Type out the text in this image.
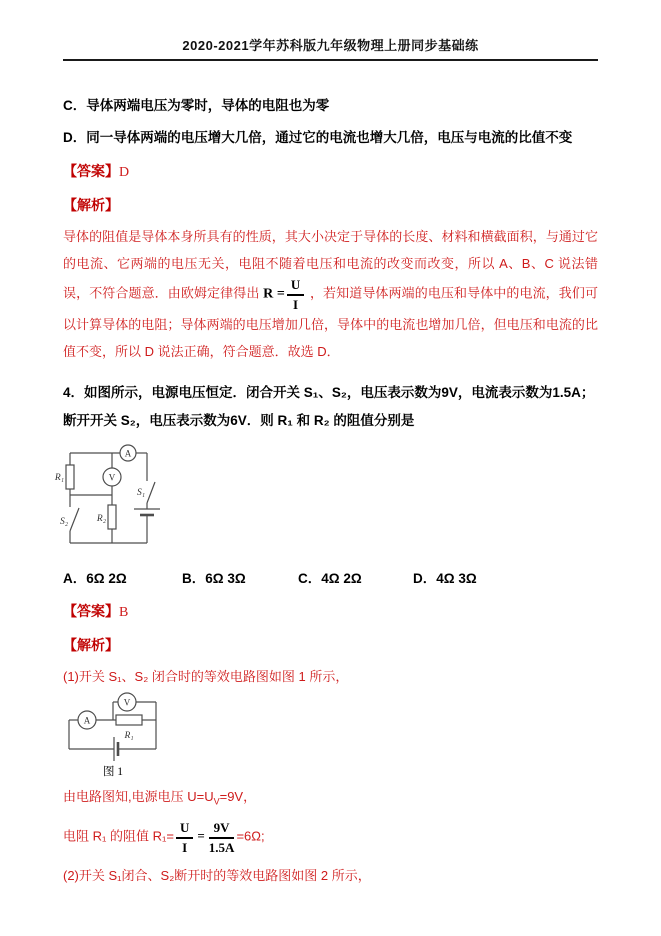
2020-2021学年苏科版九年级物理上册同步基础练
C．导体两端电压为零时，导体的电阻也为零
D．同一导体两端的电压增大几倍，通过它的电流也增大几倍，电压与电流的比值不变
【答案】D
【解析】
导体的阻值是导体本身所具有的性质，其大小决定于导体的长度、材料和横截面积，与通过它的电流、它两端的电压无关，电阻不随着电压和电流的改变而改变，所以 A、B、C 说法错误，不符合题意．由欧姆定律得出 $R = \frac{U}{I}$ ，若知道导体两端的电压和导体中的电流，我们可以计算导体的电阻；导体两端的电压增加几倍，导体中的电流也增加几倍，但电压和电流的比值不变，所以 D 说法正确，符合题意．故选 D．
4．如图所示，电源电压恒定．闭合开关 S₁、S₂，电压表示数为9V，电流表示数为1.5A；断开开关 S₂，电压表示数为6V．则 R₁ 和 R₂ 的阻值分别是
A
V
R₁
R₂
S₁
S₂
A．6Ω 2Ω	B．6Ω 3Ω	C．4Ω 2Ω	D．4Ω 3Ω
【答案】B
【解析】
(1)开关 S₁、S₂ 闭合时的等效电路图如图 1 所示，
A
V
R₁
图 1
由电路图知,电源电压 $U=U_V=9V$，
电阻 R₁ 的阻值 $R_1= \frac{U}{I} = \frac{9V}{1.5A} =6\Omega$;
(2)开关 S₁闭合、S₂断开时的等效电路图如图 2 所示，
